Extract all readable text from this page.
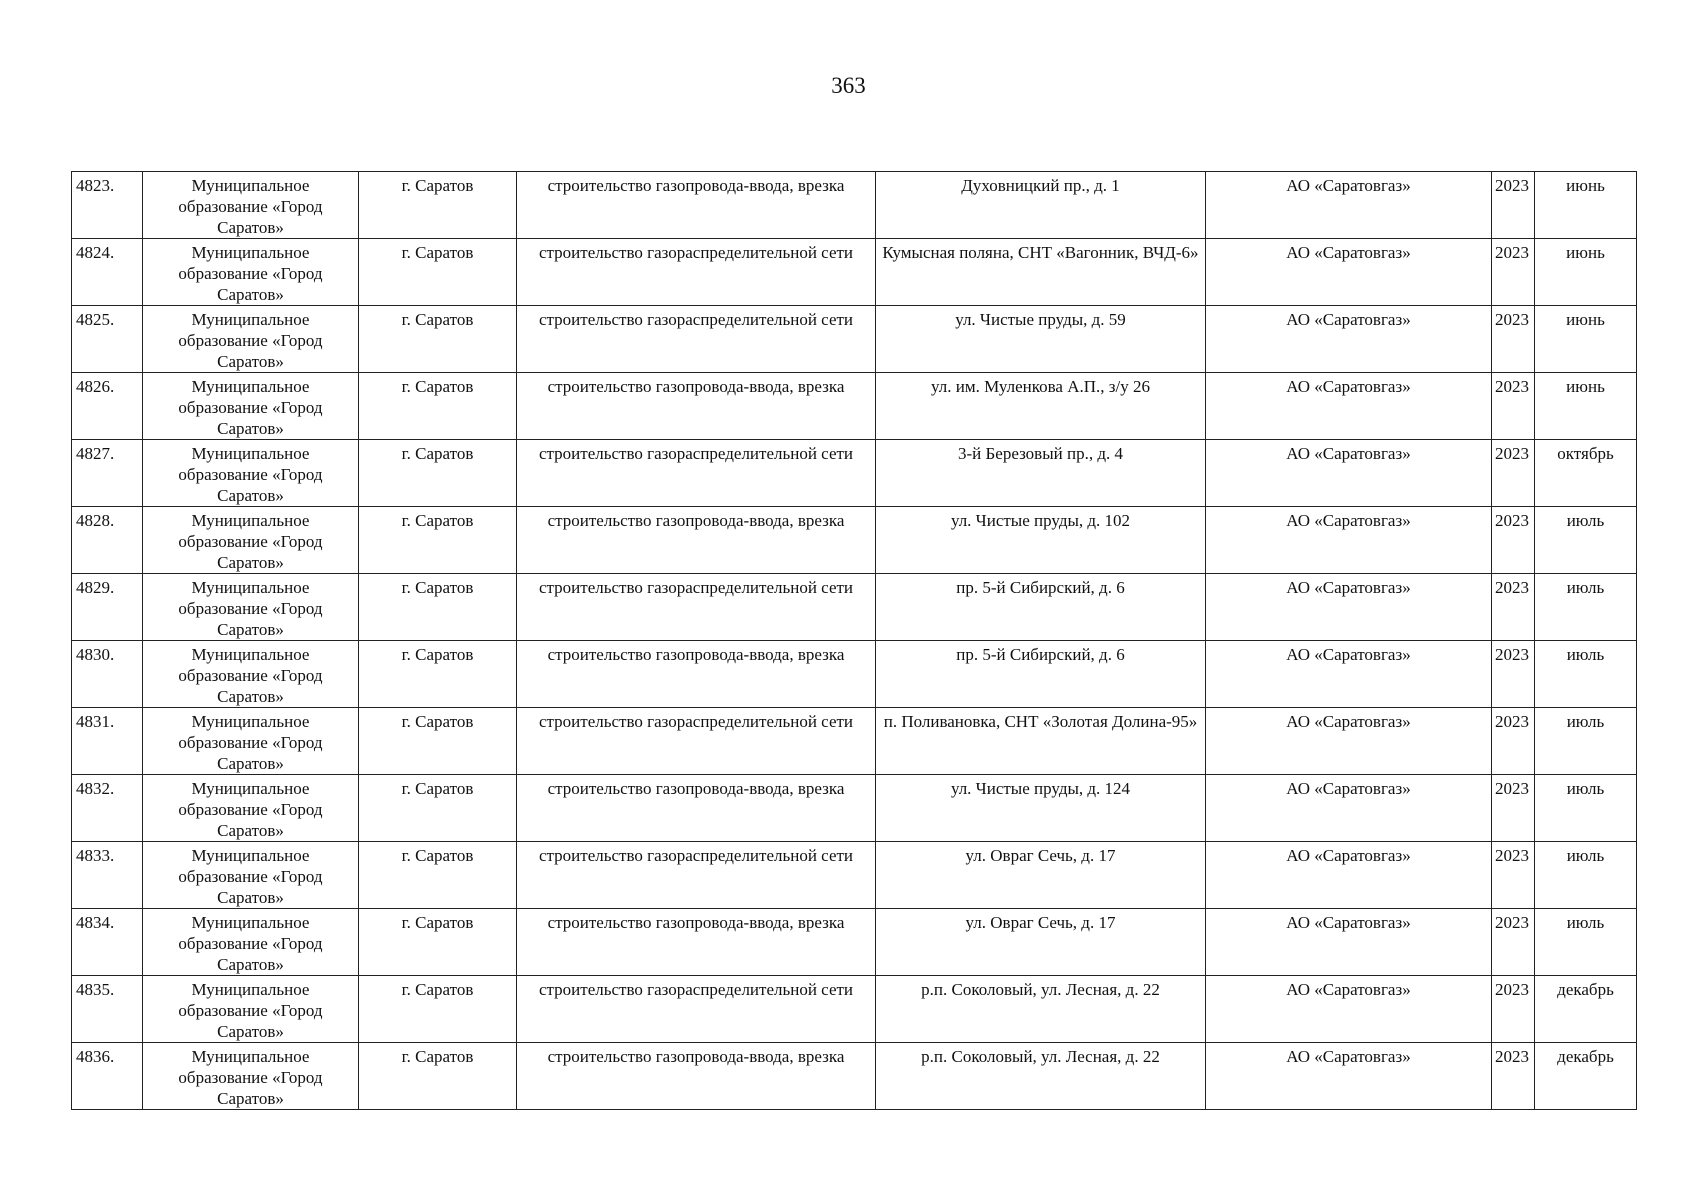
363
4823.	Муниципальное образование «Город Саратов»	г. Саратов	строительство газопровода-ввода, врезка	Духовницкий пр., д. 1	АО «Саратовгаз»	2023	июнь
4824.	Муниципальное образование «Город Саратов»	г. Саратов	строительство газораспределительной сети	Кумысная поляна, СНТ «Вагонник, ВЧД-6»	АО «Саратовгаз»	2023	июнь
4825.	Муниципальное образование «Город Саратов»	г. Саратов	строительство газораспределительной сети	ул. Чистые пруды, д. 59	АО «Саратовгаз»	2023	июнь
4826.	Муниципальное образование «Город Саратов»	г. Саратов	строительство газопровода-ввода, врезка	ул. им. Муленкова А.П., з/у 26	АО «Саратовгаз»	2023	июнь
4827.	Муниципальное образование «Город Саратов»	г. Саратов	строительство газораспределительной сети	3-й Березовый пр., д. 4	АО «Саратовгаз»	2023	октябрь
4828.	Муниципальное образование «Город Саратов»	г. Саратов	строительство газопровода-ввода, врезка	ул. Чистые пруды, д. 102	АО «Саратовгаз»	2023	июль
4829.	Муниципальное образование «Город Саратов»	г. Саратов	строительство газораспределительной сети	пр. 5-й Сибирский, д. 6	АО «Саратовгаз»	2023	июль
4830.	Муниципальное образование «Город Саратов»	г. Саратов	строительство газопровода-ввода, врезка	пр. 5-й Сибирский, д. 6	АО «Саратовгаз»	2023	июль
4831.	Муниципальное образование «Город Саратов»	г. Саратов	строительство газораспределительной сети	п. Поливановка, СНТ «Золотая Долина-95»	АО «Саратовгаз»	2023	июль
4832.	Муниципальное образование «Город Саратов»	г. Саратов	строительство газопровода-ввода, врезка	ул. Чистые пруды, д. 124	АО «Саратовгаз»	2023	июль
4833.	Муниципальное образование «Город Саратов»	г. Саратов	строительство газораспределительной сети	ул. Овраг Сечь, д. 17	АО «Саратовгаз»	2023	июль
4834.	Муниципальное образование «Город Саратов»	г. Саратов	строительство газопровода-ввода, врезка	ул. Овраг Сечь, д. 17	АО «Саратовгаз»	2023	июль
4835.	Муниципальное образование «Город Саратов»	г. Саратов	строительство газораспределительной сети	р.п. Соколовый, ул. Лесная, д. 22	АО «Саратовгаз»	2023	декабрь
4836.	Муниципальное образование «Город Саратов»	г. Саратов	строительство газопровода-ввода, врезка	р.п. Соколовый, ул. Лесная, д. 22	АО «Саратовгаз»	2023	декабрь
